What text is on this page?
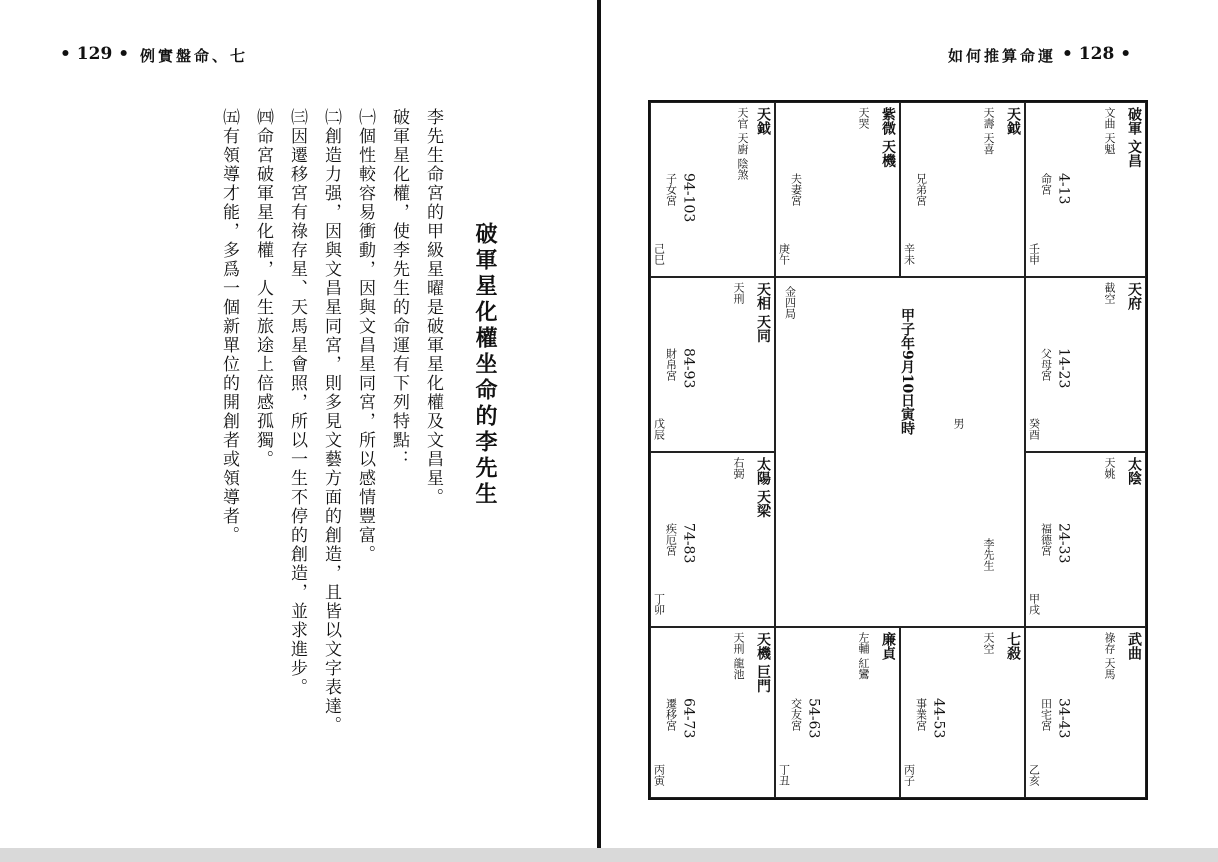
• 129 • 例實盤命、七
破軍星化權坐命的李先生
李先生命宮的甲級星曜是破軍星化權及文昌星。
破軍星化權，使李先生的命運有下列特點：
㈠個性較容易衝動，因與文昌星同宮，所以感情豐富。
㈡創造力强，因與文昌星同宮，則多見文藝方面的創造，且皆以文字表達。
㈢因遷移宮有祿存星、天馬星會照，所以一生不停的創造，並求進步。
㈣命宮破軍星化權，人生旅途上倍感孤獨。
㈤有領導才能，多爲一個新單位的開創者或領導者。
如何推算命運 • 128 •
天鉞
天官 天廚 陰煞
94-103
子女宮
己巳
紫微 天機
天哭
夫妻宮
庚午
天鉞
天壽 天喜
兄弟宮
辛未
破軍 文昌
文曲 天魁
4-13
命宮
壬申
天相 天同
天刑
84-93
財帛宮
戊辰
天府
截空
14-23
父母宮
癸酉
太陽 天梁
右弼
74-83
疾厄宮
丁卯
太陰
天姚
24-33
福德宮
甲戌
天機 巨門
天刑 龍池
64-73
遷移宮
丙寅
廉貞
左輔 紅鸞
54-63
交友宮
丁丑
七殺
天空
44-53
事業宮
丙子
武曲
祿存 天馬
34-43
田宅宮
乙亥
甲子年9月10日寅時	男
李先生
金四局
